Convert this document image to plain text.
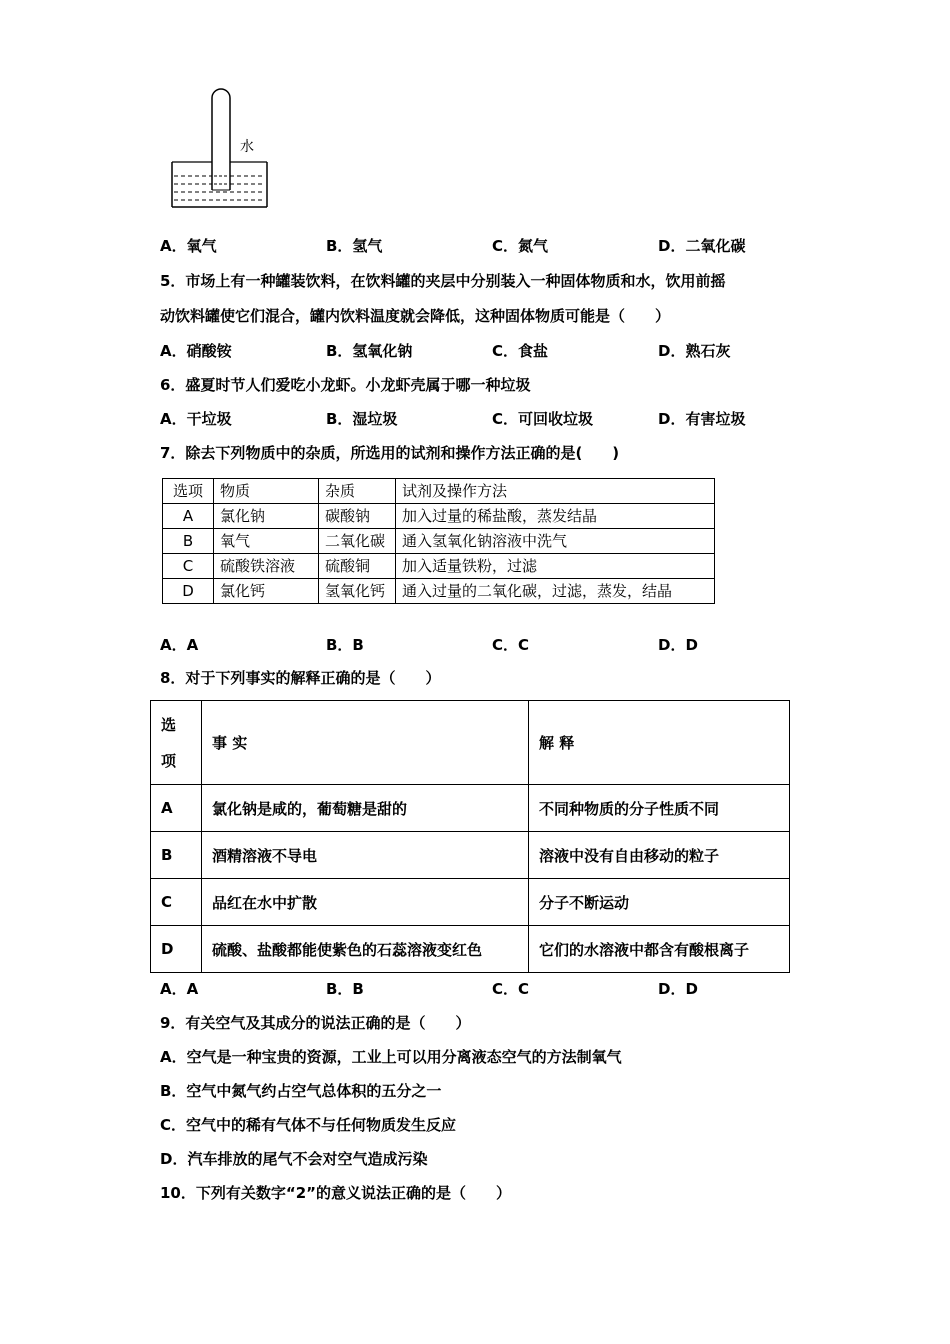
水
A．氧气	B．氢气	C．氮气	D．二氧化碳
5．市场上有一种罐装饮料，在饮料罐的夹层中分别装入一种固体物质和水，饮用前摇
动饮料罐使它们混合，罐内饮料温度就会降低，这种固体物质可能是（　　）
A．硝酸铵	B．氢氧化钠	C．食盐	D．熟石灰
6．盛夏时节人们爱吃小龙虾。小龙虾壳属于哪一种垃圾
A．干垃圾	B．湿垃圾	C．可回收垃圾	D．有害垃圾
7．除去下列物质中的杂质，所选用的试剂和操作方法正确的是(　　)
选项	物质	杂质	试剂及操作方法
A	氯化钠	碳酸钠	加入过量的稀盐酸，蒸发结晶
B	氧气	二氧化碳	通入氢氧化钠溶液中洗气
C	硫酸铁溶液	硫酸铜	加入适量铁粉，过滤
D	氯化钙	氢氧化钙	通入过量的二氧化碳，过滤，蒸发，结晶
A．A	B．B	C．C	D．D
8．对于下列事实的解释正确的是（　　）
选
项	事 实	解 释
A	氯化钠是咸的，葡萄糖是甜的	不同种物质的分子性质不同
B	酒精溶液不导电	溶液中没有自由移动的粒子
C	品红在水中扩散	分子不断运动
D	硫酸、盐酸都能使紫色的石蕊溶液变红色	它们的水溶液中都含有酸根离子
A．A	B．B	C．C	D．D
9．有关空气及其成分的说法正确的是（　　）
A．空气是一种宝贵的资源，工业上可以用分离液态空气的方法制氧气
B．空气中氮气约占空气总体积的五分之一
C．空气中的稀有气体不与任何物质发生反应
D．汽车排放的尾气不会对空气造成污染
10．下列有关数字“2”的意义说法正确的是（　　）
